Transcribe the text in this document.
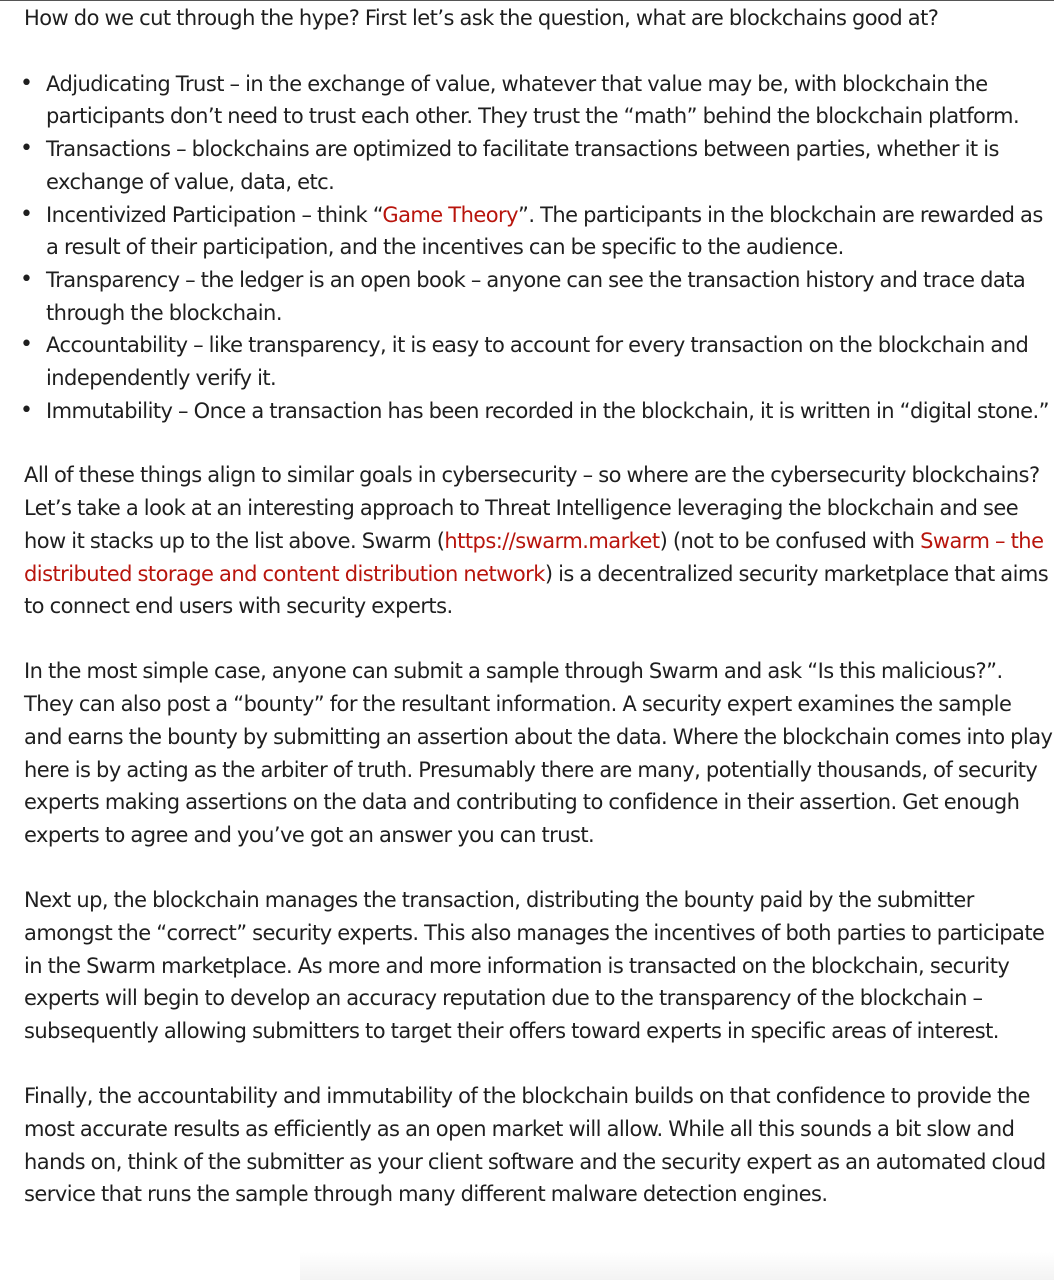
How do we cut through the hype? First let’s ask the question, what are blockchains good at?

• Adjudicating Trust – in the exchange of value, whatever that value may be, with blockchain the participants don’t need to trust each other. They trust the “math” behind the blockchain platform.
• Transactions – blockchains are optimized to facilitate transactions between parties, whether it is exchange of value, data, etc.
• Incentivized Participation – think “Game Theory”. The participants in the blockchain are rewarded as a result of their participation, and the incentives can be specific to the audience.
• Transparency – the ledger is an open book – anyone can see the transaction history and trace data through the blockchain.
• Accountability – like transparency, it is easy to account for every transaction on the blockchain and independently verify it.
• Immutability – Once a transaction has been recorded in the blockchain, it is written in “digital stone.”

All of these things align to similar goals in cybersecurity – so where are the cybersecurity blockchains? Let’s take a look at an interesting approach to Threat Intelligence leveraging the blockchain and see how it stacks up to the list above. Swarm (https://swarm.market) (not to be confused with Swarm – the distributed storage and content distribution network) is a decentralized security marketplace that aims to connect end users with security experts.

In the most simple case, anyone can submit a sample through Swarm and ask “Is this malicious?”. They can also post a “bounty” for the resultant information. A security expert examines the sample and earns the bounty by submitting an assertion about the data. Where the blockchain comes into play here is by acting as the arbiter of truth. Presumably there are many, potentially thousands, of security experts making assertions on the data and contributing to confidence in their assertion. Get enough experts to agree and you’ve got an answer you can trust.

Next up, the blockchain manages the transaction, distributing the bounty paid by the submitter amongst the “correct” security experts. This also manages the incentives of both parties to participate in the Swarm marketplace. As more and more information is transacted on the blockchain, security experts will begin to develop an accuracy reputation due to the transparency of the blockchain – subsequently allowing submitters to target their offers toward experts in specific areas of interest.

Finally, the accountability and immutability of the blockchain builds on that confidence to provide the most accurate results as efficiently as an open market will allow. While all this sounds a bit slow and hands on, think of the submitter as your client software and the security expert as an automated cloud service that runs the sample through many different malware detection engines.
